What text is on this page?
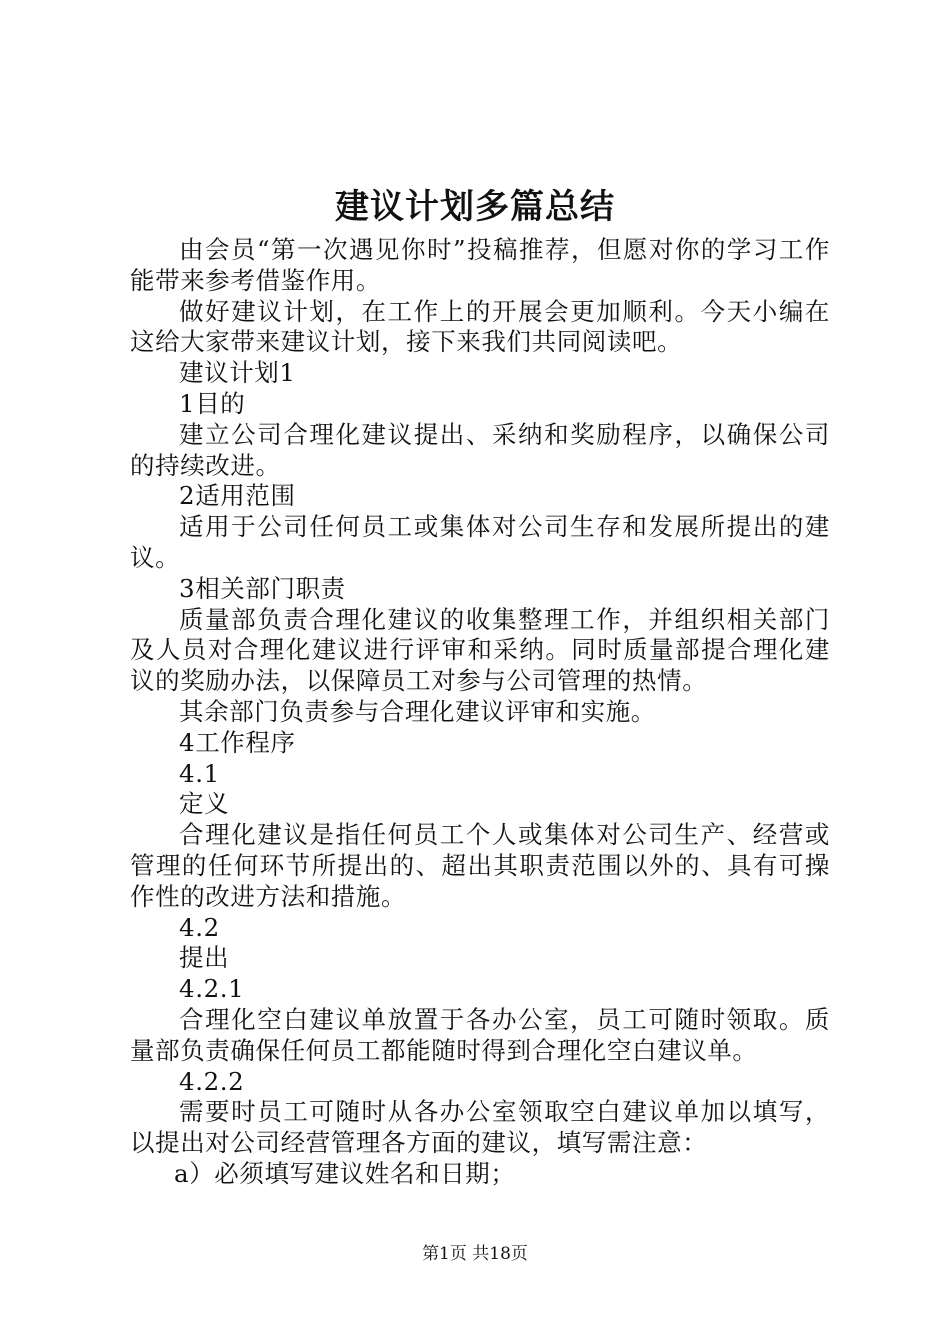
建议计划多篇总结

由会员“第一次遇见你时”投稿推荐，但愿对你的学习工作能带来参考借鉴作用。

做好建议计划，在工作上的开展会更加顺利。今天小编在这给大家带来建议计划，接下来我们共同阅读吧。

建议计划1

1目的

建立公司合理化建议提出、采纳和奖励程序，以确保公司的持续改进。

2适用范围

适用于公司任何员工或集体对公司生存和发展所提出的建议。

3相关部门职责

质量部负责合理化建议的收集整理工作，并组织相关部门及人员对合理化建议进行评审和采纳。同时质量部提合理化建议的奖励办法，以保障员工对参与公司管理的热情。

其余部门负责参与合理化建议评审和实施。

4工作程序

4.1

定义

合理化建议是指任何员工个人或集体对公司生产、经营或管理的任何环节所提出的、超出其职责范围以外的、具有可操作性的改进方法和措施。

4.2

提出

4.2.1

合理化空白建议单放置于各办公室，员工可随时领取。质量部负责确保任何员工都能随时得到合理化空白建议单。

4.2.2

需要时员工可随时从各办公室领取空白建议单加以填写，以提出对公司经营管理各方面的建议，填写需注意：

a）必须填写建议姓名和日期；

第1页 共18页
